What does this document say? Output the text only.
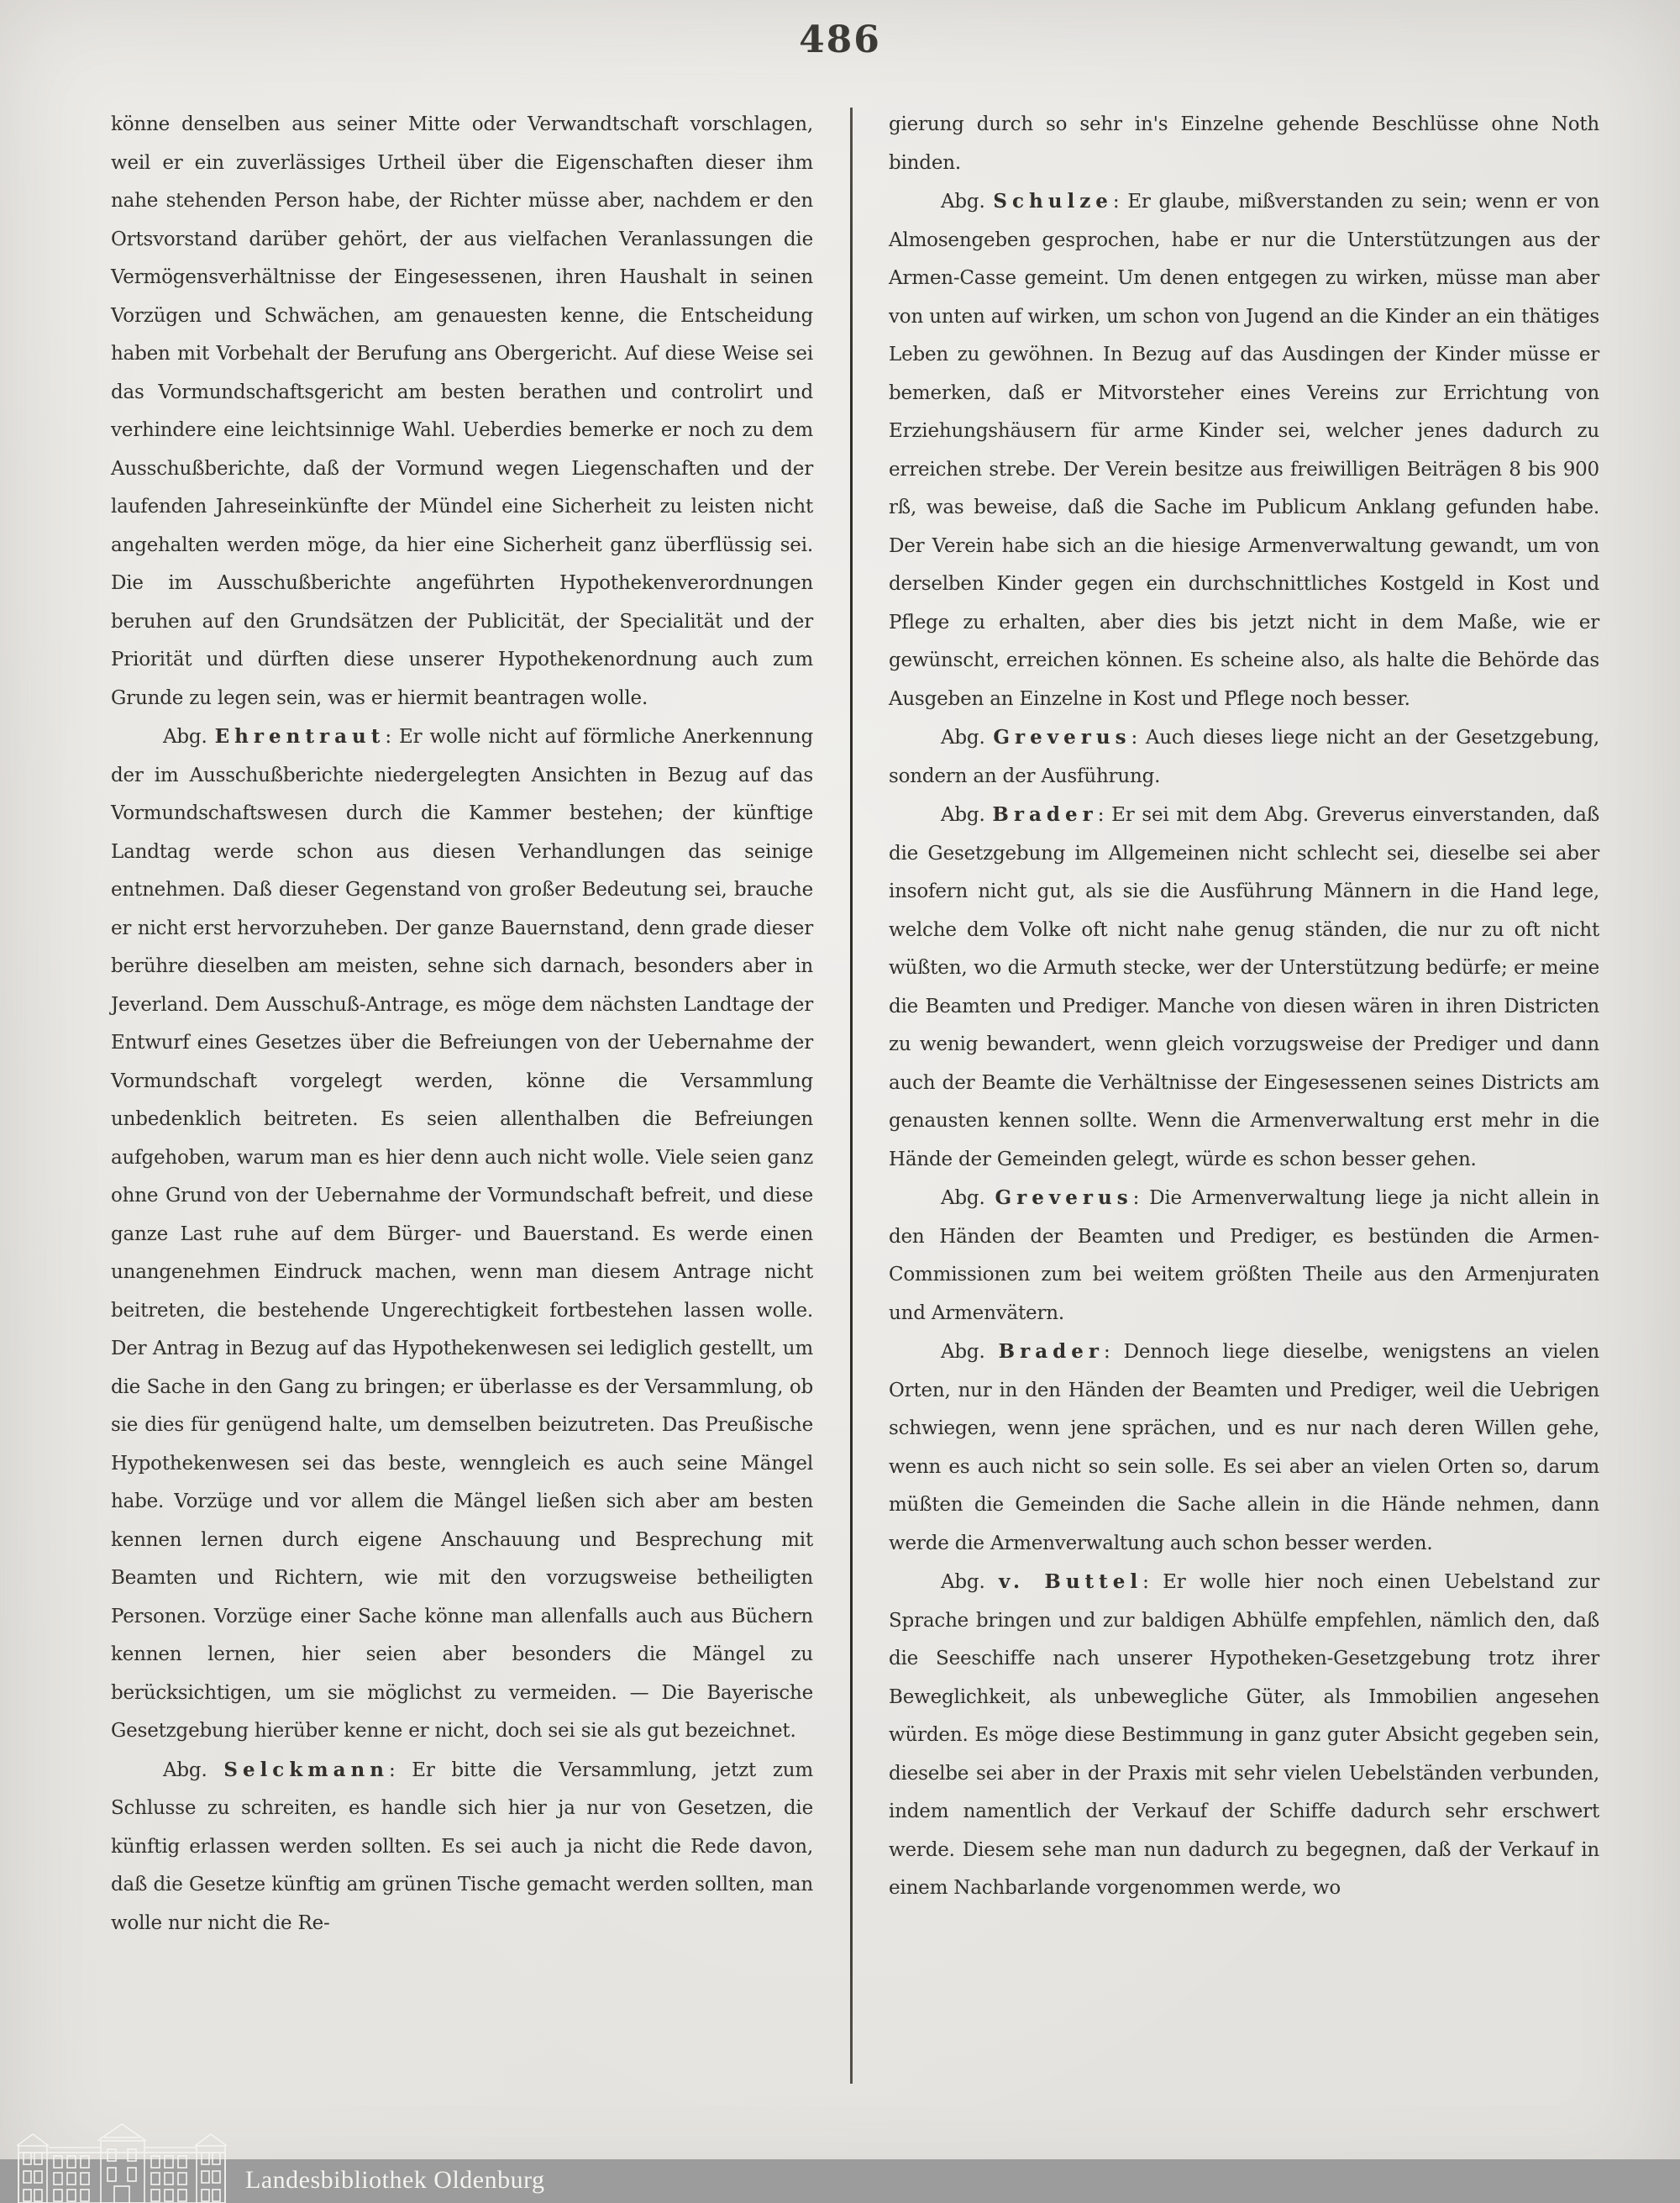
486

könne denselben aus seiner Mitte oder Verwandtschaft vorschlagen, weil er ein zuverlässiges Urtheil über die Eigenschaften dieser ihm nahe stehenden Person habe, der Richter müsse aber, nachdem er den Ortsvorstand darüber gehört, der aus vielfachen Veranlassungen die Vermögensverhältnisse der Eingesessenen, ihren Haushalt in seinen Vorzügen und Schwächen, am genauesten kenne, die Entscheidung haben mit Vorbehalt der Berufung ans Obergericht. Auf diese Weise sei das Vormundschaftsgericht am besten berathen und controlirt und verhindere eine leichtsinnige Wahl. Ueberdies bemerke er noch zu dem Ausschußberichte, daß der Vormund wegen Liegenschaften und der laufenden Jahreseinkünfte der Mündel eine Sicherheit zu leisten nicht angehalten werden möge, da hier eine Sicherheit ganz überflüssig sei. Die im Ausschußberichte angeführten Hypothekenverordnungen beruhen auf den Grundsätzen der Publicität, der Specialität und der Priorität und dürften diese unserer Hypothekenordnung auch zum Grunde zu legen sein, was er hiermit beantragen wolle.

Abg. Ehrentraut: Er wolle nicht auf förmliche Anerkennung der im Ausschußberichte niedergelegten Ansichten in Bezug auf das Vormundschaftswesen durch die Kammer bestehen; der künftige Landtag werde schon aus diesen Verhandlungen das seinige entnehmen. Daß dieser Gegenstand von großer Bedeutung sei, brauche er nicht erst hervorzuheben. Der ganze Bauernstand, denn grade dieser berühre dieselben am meisten, sehne sich darnach, besonders aber in Jeverland. Dem Ausschuß-Antrage, es möge dem nächsten Landtage der Entwurf eines Gesetzes über die Befreiungen von der Uebernahme der Vormundschaft vorgelegt werden, könne die Versammlung unbedenklich beitreten. Es seien allenthalben die Befreiungen aufgehoben, warum man es hier denn auch nicht wolle. Viele seien ganz ohne Grund von der Uebernahme der Vormundschaft befreit, und diese ganze Last ruhe auf dem Bürger- und Bauerstand. Es werde einen unangenehmen Eindruck machen, wenn man diesem Antrage nicht beitreten, die bestehende Ungerechtigkeit fortbestehen lassen wolle. Der Antrag in Bezug auf das Hypothekenwesen sei lediglich gestellt, um die Sache in den Gang zu bringen; er überlasse es der Versammlung, ob sie dies für genügend halte, um demselben beizutreten. Das Preußische Hypothekenwesen sei das beste, wenngleich es auch seine Mängel habe. Vorzüge und vor allem die Mängel ließen sich aber am besten kennen lernen durch eigene Anschauung und Besprechung mit Beamten und Richtern, wie mit den vorzugsweise betheiligten Personen. Vorzüge einer Sache könne man allenfalls auch aus Büchern kennen lernen, hier seien aber besonders die Mängel zu berücksichtigen, um sie möglichst zu vermeiden. — Die Bayerische Gesetzgebung hierüber kenne er nicht, doch sei sie als gut bezeichnet.

Abg. Selckmann: Er bitte die Versammlung, jetzt zum Schlusse zu schreiten, es handle sich hier ja nur von Gesetzen, die künftig erlassen werden sollten. Es sei auch ja nicht die Rede davon, daß die Gesetze künftig am grünen Tische gemacht werden sollten, man wolle nur nicht die Re-

gierung durch so sehr in's Einzelne gehende Beschlüsse ohne Noth binden.

Abg. Schulze: Er glaube, mißverstanden zu sein; wenn er von Almosengeben gesprochen, habe er nur die Unterstützungen aus der Armen-Casse gemeint. Um denen entgegen zu wirken, müsse man aber von unten auf wirken, um schon von Jugend an die Kinder an ein thätiges Leben zu gewöhnen. In Bezug auf das Ausdingen der Kinder müsse er bemerken, daß er Mitvorsteher eines Vereins zur Errichtung von Erziehungshäusern für arme Kinder sei, welcher jenes dadurch zu erreichen strebe. Der Verein besitze aus freiwilligen Beiträgen 8 bis 900 rß, was beweise, daß die Sache im Publicum Anklang gefunden habe. Der Verein habe sich an die hiesige Armenverwaltung gewandt, um von derselben Kinder gegen ein durchschnittliches Kostgeld in Kost und Pflege zu erhalten, aber dies bis jetzt nicht in dem Maße, wie er gewünscht, erreichen können. Es scheine also, als halte die Behörde das Ausgeben an Einzelne in Kost und Pflege noch besser.

Abg. Greverus: Auch dieses liege nicht an der Gesetzgebung, sondern an der Ausführung.

Abg. Brader: Er sei mit dem Abg. Greverus einverstanden, daß die Gesetzgebung im Allgemeinen nicht schlecht sei, dieselbe sei aber insofern nicht gut, als sie die Ausführung Männern in die Hand lege, welche dem Volke oft nicht nahe genug ständen, die nur zu oft nicht wüßten, wo die Armuth stecke, wer der Unterstützung bedürfe; er meine die Beamten und Prediger. Manche von diesen wären in ihren Districten zu wenig bewandert, wenn gleich vorzugsweise der Prediger und dann auch der Beamte die Verhältnisse der Eingesessenen seines Districts am genausten kennen sollte. Wenn die Armenverwaltung erst mehr in die Hände der Gemeinden gelegt, würde es schon besser gehen.

Abg. Greverus: Die Armenverwaltung liege ja nicht allein in den Händen der Beamten und Prediger, es bestünden die Armen-Commissionen zum bei weitem größten Theile aus den Armenjuraten und Armenvätern.

Abg. Brader: Dennoch liege dieselbe, wenigstens an vielen Orten, nur in den Händen der Beamten und Prediger, weil die Uebrigen schwiegen, wenn jene sprächen, und es nur nach deren Willen gehe, wenn es auch nicht so sein solle. Es sei aber an vielen Orten so, darum müßten die Gemeinden die Sache allein in die Hände nehmen, dann werde die Armenverwaltung auch schon besser werden.

Abg. v. Buttel: Er wolle hier noch einen Uebelstand zur Sprache bringen und zur baldigen Abhülfe empfehlen, nämlich den, daß die Seeschiffe nach unserer Hypotheken-Gesetzgebung trotz ihrer Beweglichkeit, als unbewegliche Güter, als Immobilien angesehen würden. Es möge diese Bestimmung in ganz guter Absicht gegeben sein, dieselbe sei aber in der Praxis mit sehr vielen Uebelständen verbunden, indem namentlich der Verkauf der Schiffe dadurch sehr erschwert werde. Diesem sehe man nun dadurch zu begegnen, daß der Verkauf in einem Nachbarlande vorgenommen werde, wo

Landesbibliothek Oldenburg
